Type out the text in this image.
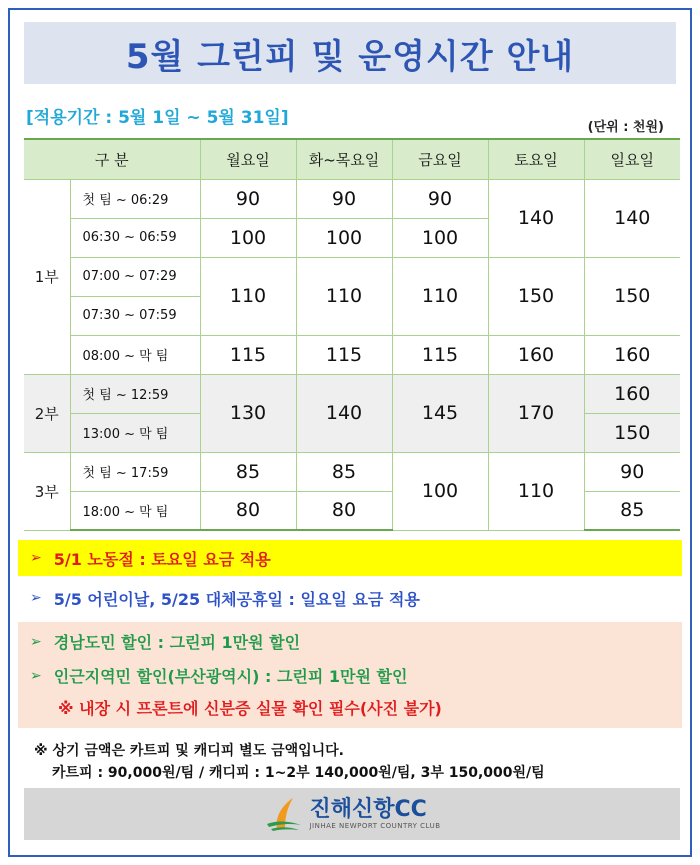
5월 그린피 및 운영시간 안내
[적용기간 : 5월 1일 ~ 5월 31일]	(단위 : 천원)
구 분		월요일	화~목요일	금요일	토요일	일요일
1부	첫 팀 ~ 06:29	90	90	90	140	140
	06:30 ~ 06:59	100	100	100		
	07:00 ~ 07:29	110	110	110	150	150
	07:30 ~ 07:59					
	08:00 ~ 막 팀	115	115	115	160	160
2부	첫 팀 ~ 12:59	130	140	145	170	160
	13:00 ~ 막 팀					150
3부	첫 팀 ~ 17:59	85	85	100	110	90
	18:00 ~ 막 팀	80	80			85
➢ 5/1 노동절 : 토요일 요금 적용
➢ 5/5 어린이날, 5/25 대체공휴일 : 일요일 요금 적용
➢ 경남도민 할인 : 그린피 1만원 할인
➢ 인근지역민 할인(부산광역시) : 그린피 1만원 할인
※ 내장 시 프론트에 신분증 실물 확인 필수(사진 불가)
※ 상기 금액은 카트피 및 캐디피 별도 금액입니다.
카트피 : 90,000원/팀 / 캐디피 : 1~2부 140,000원/팀, 3부 150,000원/팀
진해신항CC
JINHAE NEWPORT COUNTRY CLUB
